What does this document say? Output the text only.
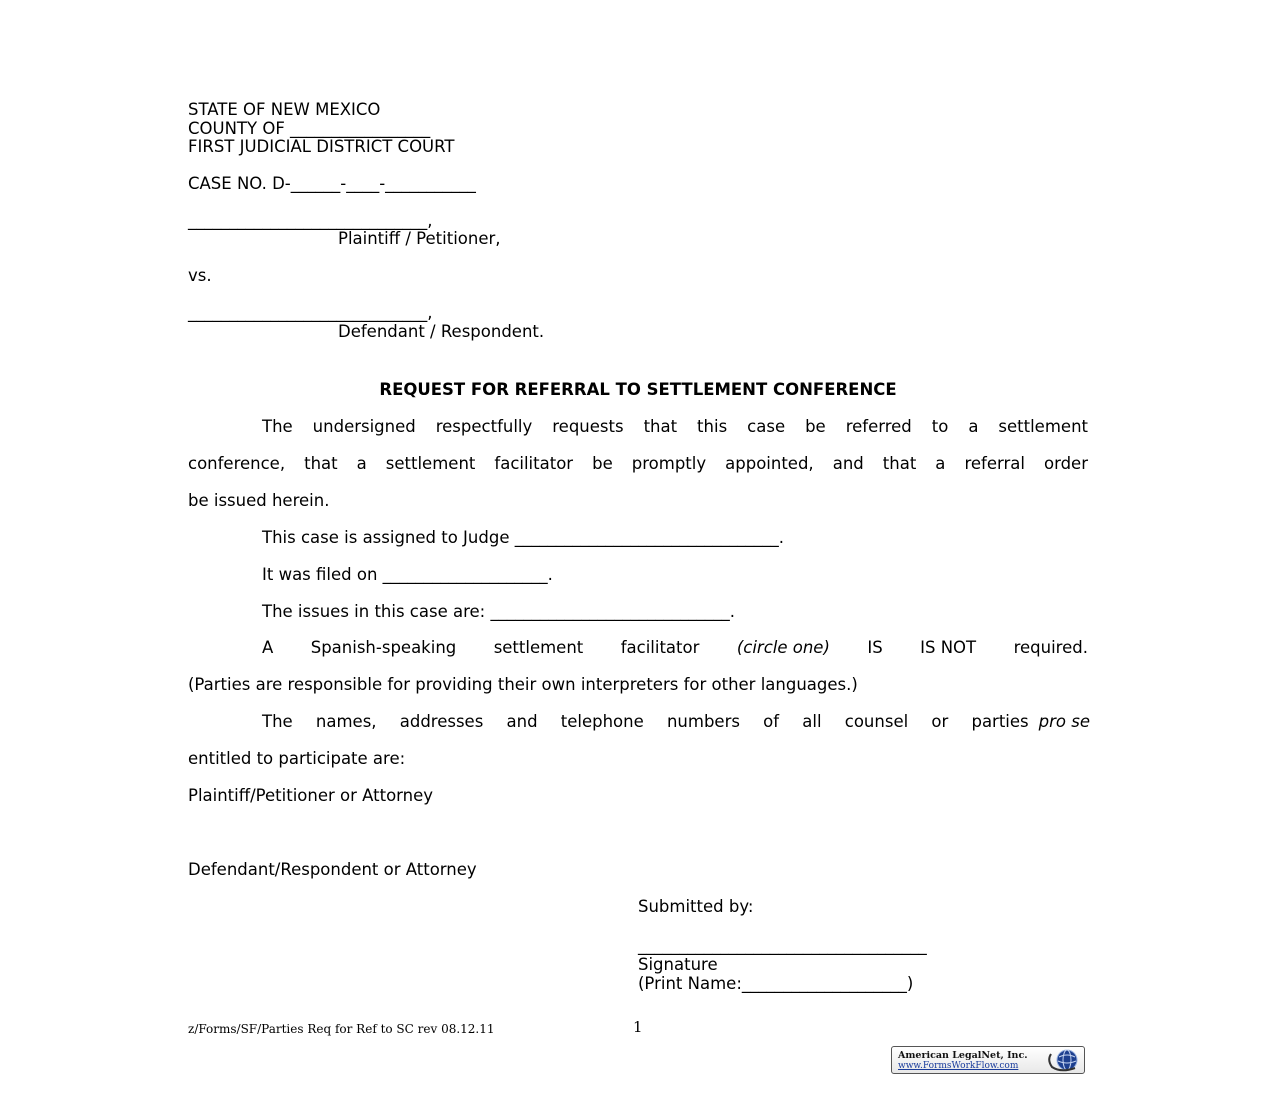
STATE OF NEW MEXICO
COUNTY OF _________________
FIRST JUDICIAL DISTRICT COURT
CASE NO. D-______-____-___________
_____________________________,
Plaintiff / Petitioner,
vs.
_____________________________,
Defendant / Respondent.
REQUEST FOR REFERRAL TO SETTLEMENT CONFERENCE
The undersigned respectfully requests that this case be referred to a settlement
conference, that a settlement facilitator be promptly appointed, and that a referral order
be issued herein.
This case is assigned to Judge ________________________________.
It was filed on ____________________.
The issues in this case are: _____________________________.
A Spanish-speaking settlement facilitator (circle one) IS IS NOT required.
(Parties are responsible for providing their own interpreters for other languages.)
The names, addresses and telephone numbers of all counsel or parties pro se
entitled to participate are:
Plaintiff/Petitioner or Attorney
Defendant/Respondent or Attorney
Submitted by:
___________________________________
Signature
(Print Name:____________________)
z/Forms/SF/Parties Req for Ref to SC rev 08.12.11	1
American LegalNet, Inc.
www.FormsWorkFlow.com
